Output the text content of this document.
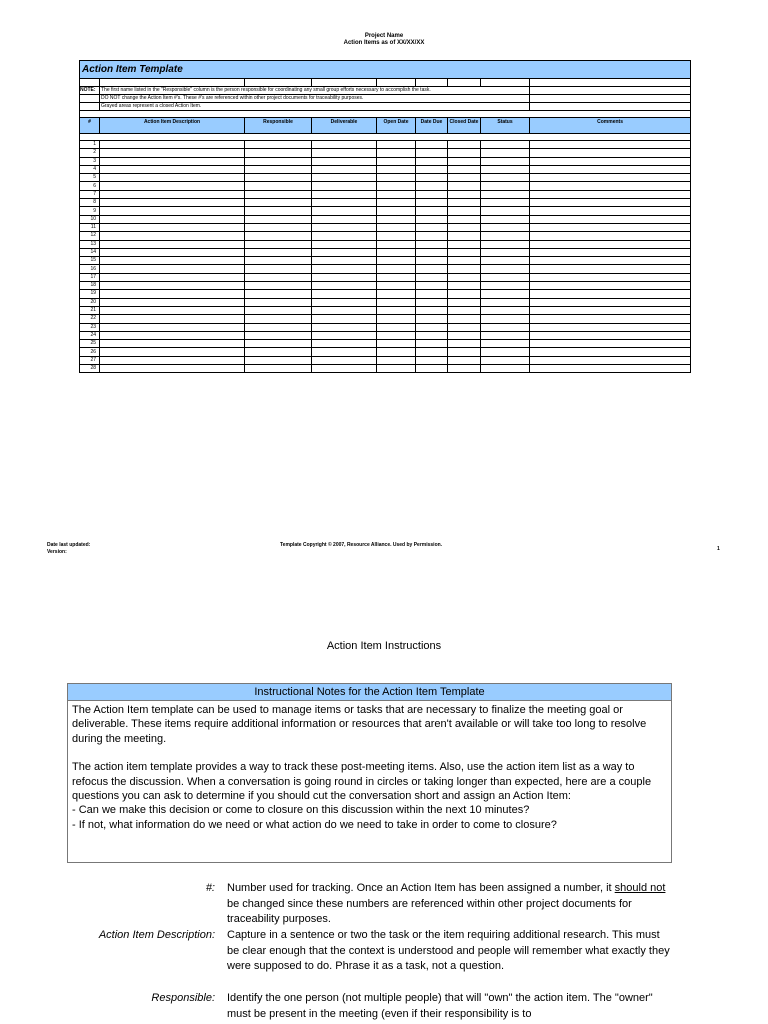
Project Name
Action Items as of XX/XX/XX
Action Item Template								

NOTE:	The first name listed in the "Responsible" column is the person responsible for coordinating any small group efforts necessary to accomplish the task.							
	DO NOT change the Action Item #'s. These #'s are referenced within other project documents for traceability purposes.							
	Grayed areas represent a closed Action Item.							

#	Action Item Description	Responsible	Deliverable	Open Date	Date Due	Closed Date	Status	Comments

1								
2								
3								
4								
5								
6								
7								
8								
9								
10								
11								
12								
13								
14								
15								
16								
17								
18								
19								
20								
21								
22								
23								
24								
25								
26								
27								
28								
Date last updated:
Version:
Template Copyright © 2007, Resource Alliance. Used by Permission.
1
Action Item Instructions
Instructional Notes for the Action Item Template

The Action Item template can be used to manage items or tasks that are necessary to finalize the meeting goal or deliverable. These items require additional information or resources that aren't available or will take too long to resolve during the meeting.

The action item template provides a way to track these post-meeting items. Also, use the action item list as a way to refocus the discussion. When a conversation is going round in circles or taking longer than expected, here are a couple questions you can ask to determine if you should cut the conversation short and assign an Action Item:

- Can we make this decision or come to closure on this discussion within the next 10 minutes?
- If not, what information do we need or what action do we need to take in order to come to closure?
#: Number used for tracking. Once an Action Item has been assigned a number, it should not be changed since these numbers are referenced within other project documents for traceability purposes.
Action Item Description: Capture in a sentence or two the task or the item requiring additional research. This must be clear enough that the context is understood and people will remember what exactly they were supposed to do. Phrase it as a task, not a question.
Responsible: Identify the one person (not multiple people) that will "own" the action item. The "owner" must be present in the meeting (even if their responsibility is to
